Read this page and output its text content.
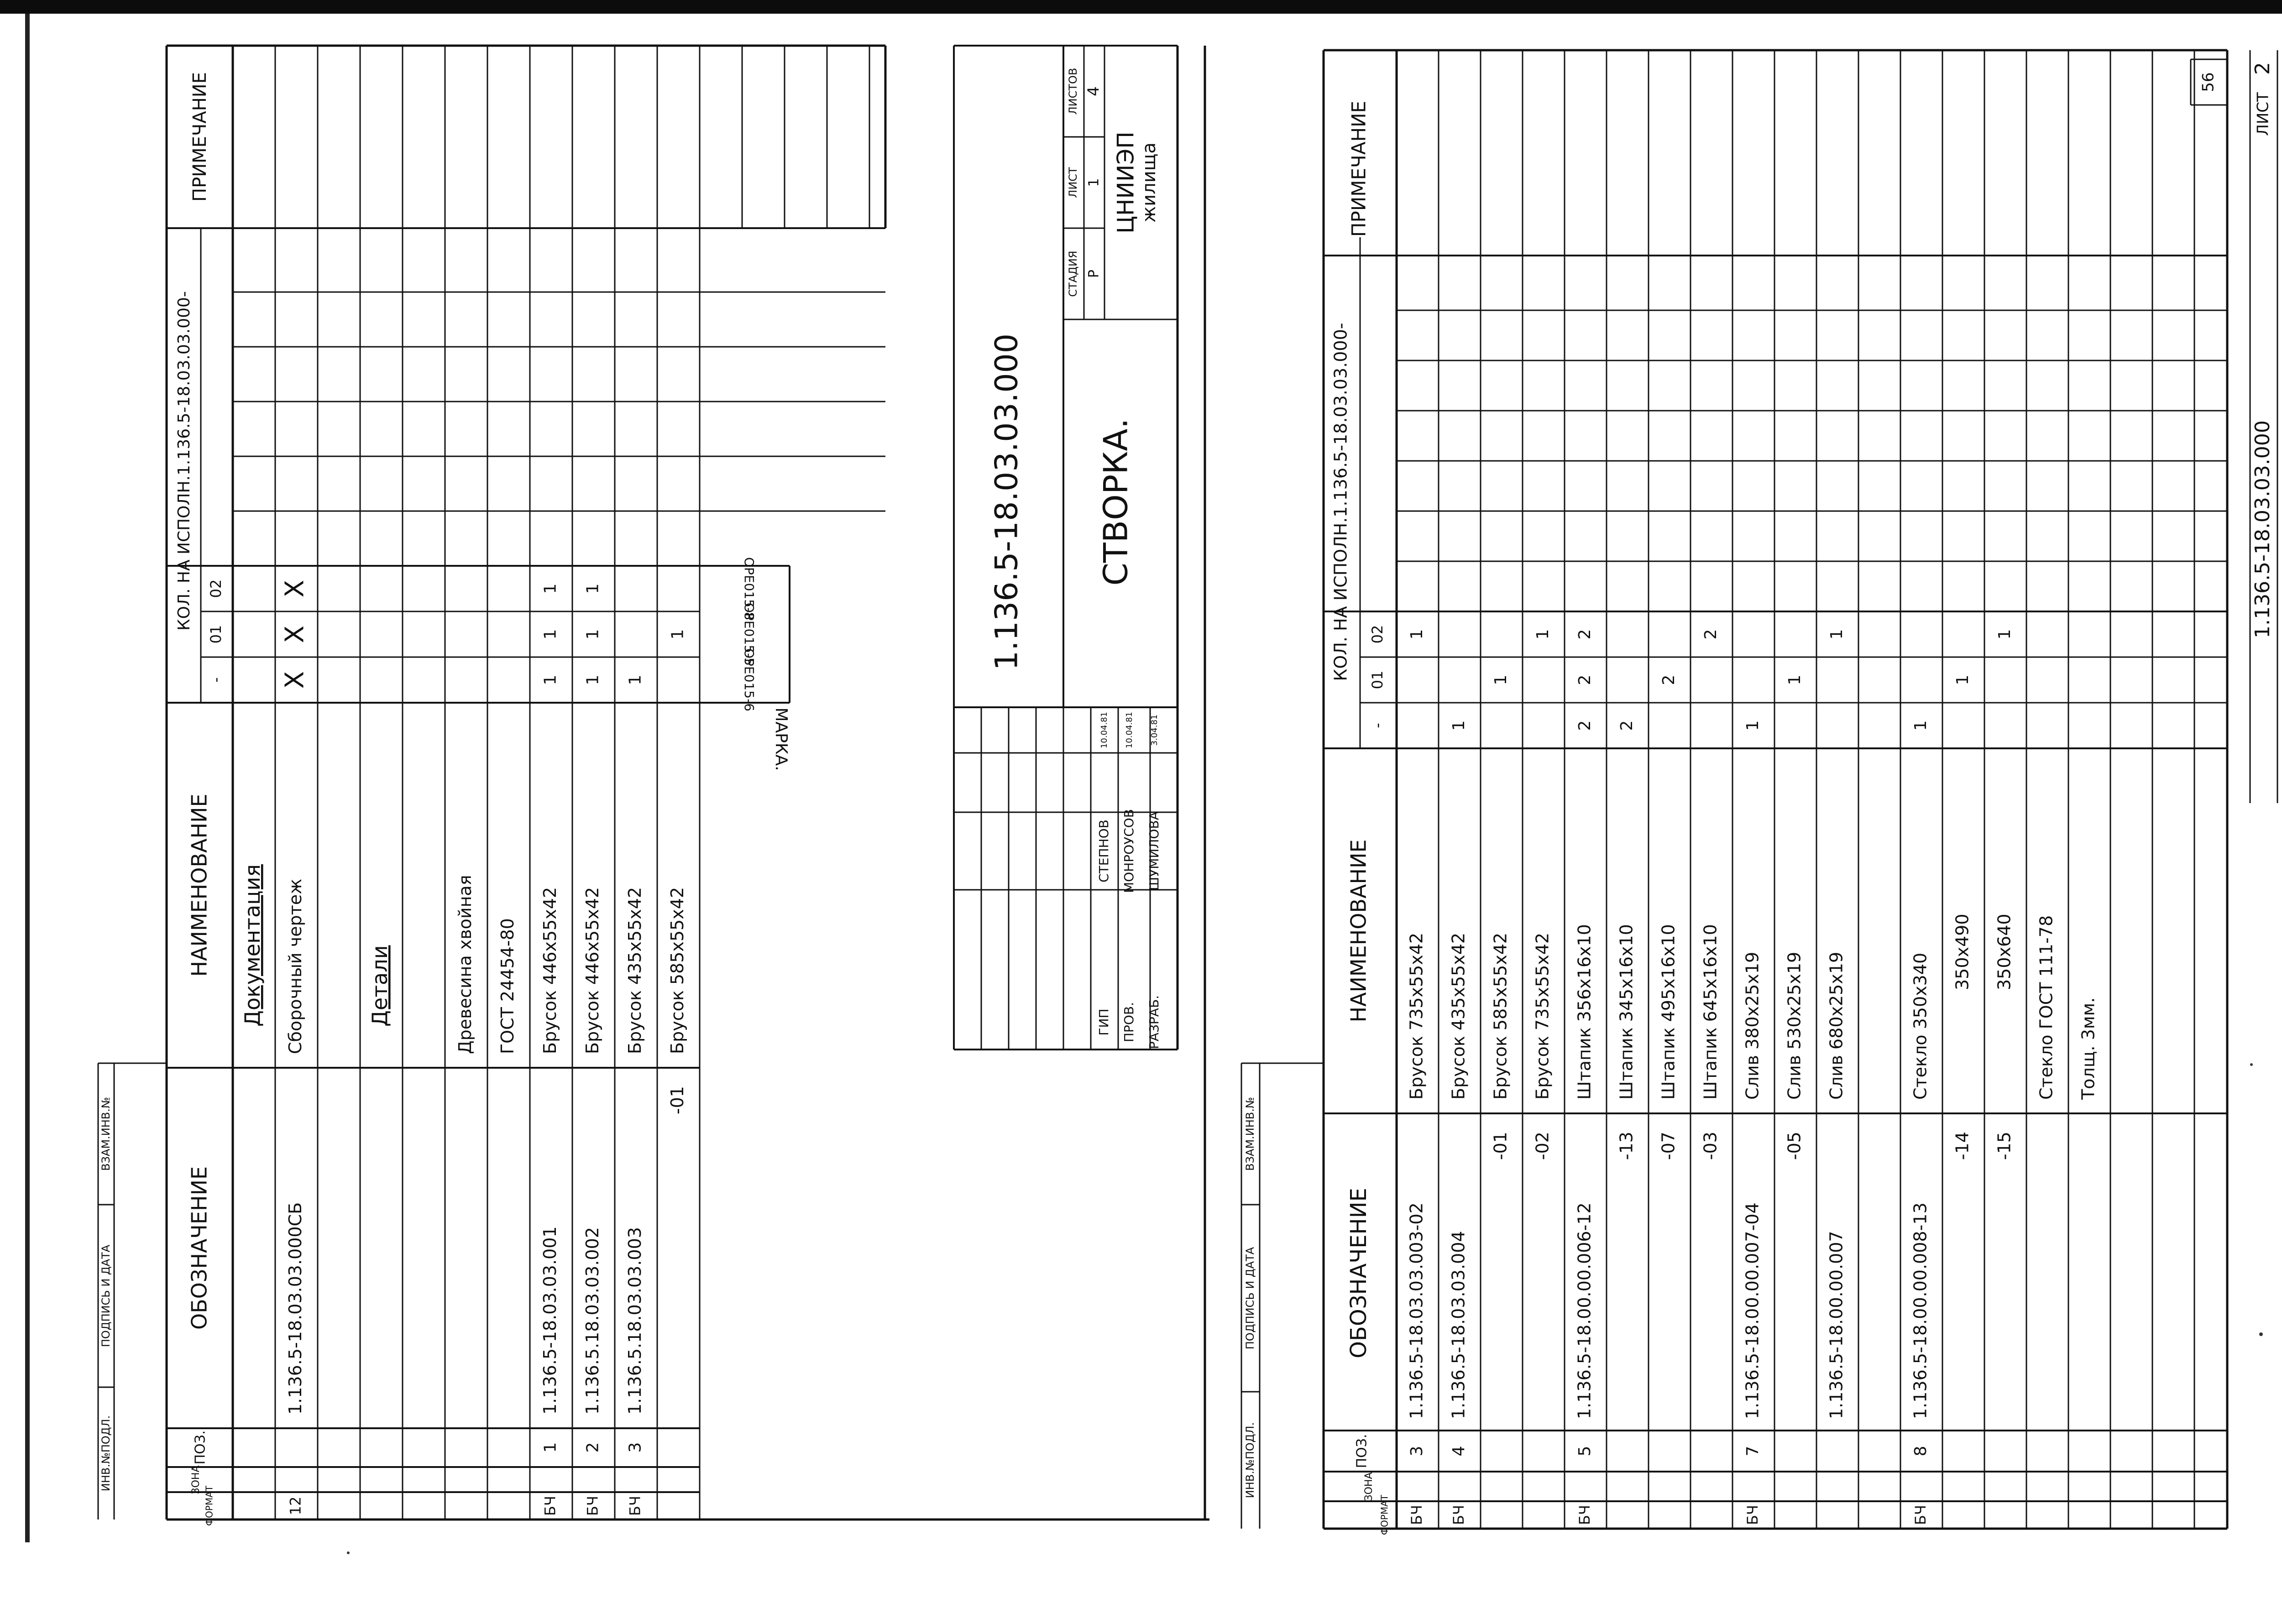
ИНВ.№ПОДЛ.
ПОДПИСЬ И ДАТА
ВЗАМ.ИНВ.№
ФОРМАТ
ЗОНА
ПОЗ.
ОБОЗНАЧЕНИЕ
НАИМЕНОВАНИЕ
КОЛ. НА ИСПОЛН.1.136.5-18.03.03.000-
-
01
02
ПРИМЕЧАНИЕ
Документация
12
1.136.5-18.03.03.000СБ
Сборочный чертеж
X
X
X
Детали	Древесина хвойная ГОСТ 24454-80
БЧ
1
1.136.5-18.03.03.001
Брусок 446х55х42
1
1
1
БЧ
2
1.136.5.18.03.03.002
Брусок 446х55х42
1
1
1
БЧ
3
1.136.5.18.03.03.003
Брусок 435х55х42
1
-01
Брусок 585х55х42
1
ОРЕ015-6
ОРЕ015-5
ОРЕ015-8
МАРКА.
СТАДИЯ
ЛИСТ
ЛИСТОВ
Р
1
4
ЦНИИЭП жилища
1.136.5-18.03.03.000 СТВОРКА.
ГИП
СТЕПНОВ
10.04.81
ПРОВ.
МОНРОУСОВ
10.04.81
РАЗРАБ.
ШУМИЛОВА
3.04.81
ИНВ.№ПОДЛ.
ПОДПИСЬ И ДАТА
ВЗАМ.ИНВ.№
ФОРМАТ
ЗОНА
ПОЗ.
ОБОЗНАЧЕНИЕ
НАИМЕНОВАНИЕ
КОЛ. НА ИСПОЛН.1.136.5-18.03.03.000-
-
01
02
ПРИМЕЧАНИЕ
БЧ
3
1.136.5-18.03.03.003-02
Брусок 735х55х42
1
БЧ
4
1.136.5-18.03.03.004
Брусок 435х55х42
1
-01
Брусок 585х55х42
1
-02
Брусок 735х55х42
1
БЧ
5
1.136.5-18.00.00.006-12
Штапик 356х16х10
2
2
2
-13
Штапик 345х16х10
2
-07
Штапик 495х16х10
2
-03
Штапик 645х16х10
2
БЧ
7
1.136.5-18.00.00.007-04
Слив 380х25х19
1
-05
Слив 530х25х19
1
1.136.5-18.00.00.007
Слив 680х25х19
1
БЧ
8
1.136.5-18.00.00.008-13
Стекло 350х340
1
-14
350х490
1
-15
350х640
1
Стекло ГОСТ 111-78 Толщ. 3мм.
56
ЛИСТ
2
1.136.5-18.03.03.000
